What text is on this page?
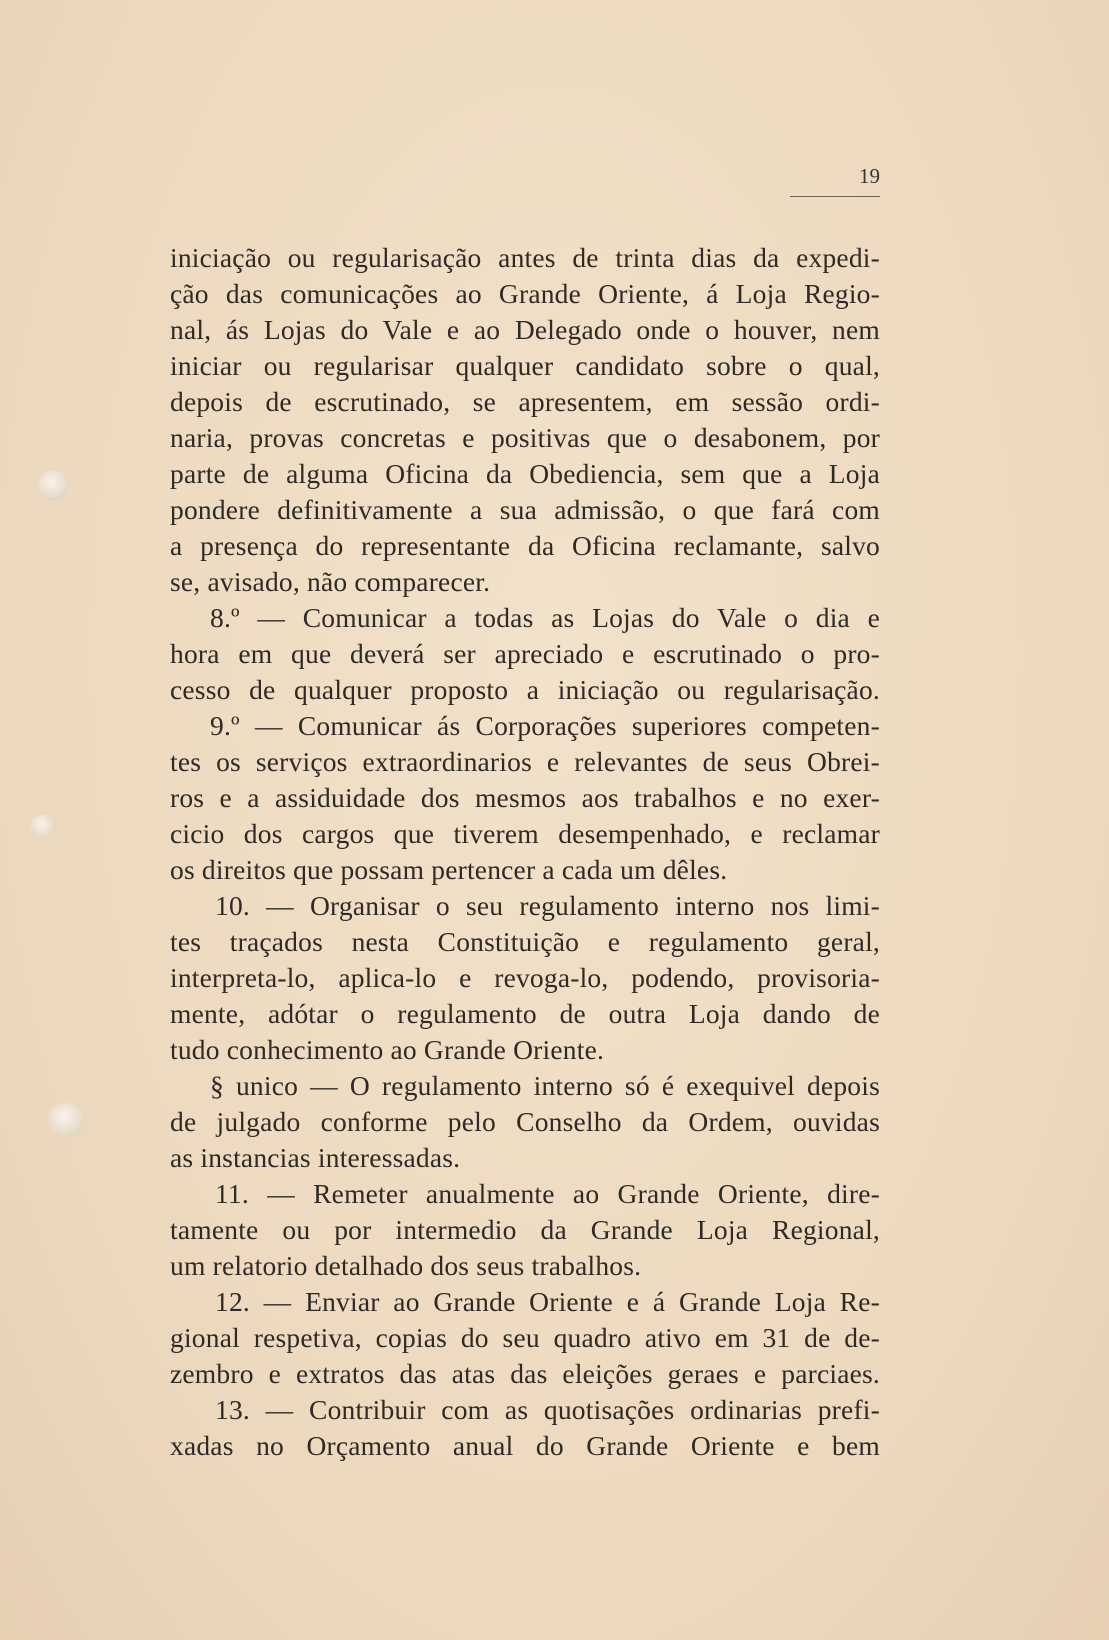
19
iniciação ou regularisação antes de trinta dias da expedi-
ção das comunicações ao Grande Oriente, á Loja Regio-
nal, ás Lojas do Vale e ao Delegado onde o houver, nem
iniciar ou regularisar qualquer candidato sobre o qual,
depois de escrutinado, se apresentem, em sessão ordi-
naria, provas concretas e positivas que o desabonem, por
parte de alguma Oficina da Obediencia, sem que a Loja
pondere definitivamente a sua admissão, o que fará com
a presença do representante da Oficina reclamante, salvo
se, avisado, não comparecer.
8.º — Comunicar a todas as Lojas do Vale o dia e
hora em que deverá ser apreciado e escrutinado o pro-
cesso de qualquer proposto a iniciação ou regularisação.
9.º — Comunicar ás Corporações superiores competen-
tes os serviços extraordinarios e relevantes de seus Obrei-
ros e a assiduidade dos mesmos aos trabalhos e no exer-
cicio dos cargos que tiverem desempenhado, e reclamar
os direitos que possam pertencer a cada um dêles.
10. — Organisar o seu regulamento interno nos limi-
tes traçados nesta Constituição e regulamento geral,
interpreta-lo, aplica-lo e revoga-lo, podendo, provisoria-
mente, adótar o regulamento de outra Loja dando de
tudo conhecimento ao Grande Oriente.
§ unico — O regulamento interno só é exequivel depois
de julgado conforme pelo Conselho da Ordem, ouvidas
as instancias interessadas.
11. — Remeter anualmente ao Grande Oriente, dire-
tamente ou por intermedio da Grande Loja Regional,
um relatorio detalhado dos seus trabalhos.
12. — Enviar ao Grande Oriente e á Grande Loja Re-
gional respetiva, copias do seu quadro ativo em 31 de de-
zembro e extratos das atas das eleições geraes e parciaes.
13. — Contribuir com as quotisações ordinarias prefi-
xadas no Orçamento anual do Grande Oriente e bem
